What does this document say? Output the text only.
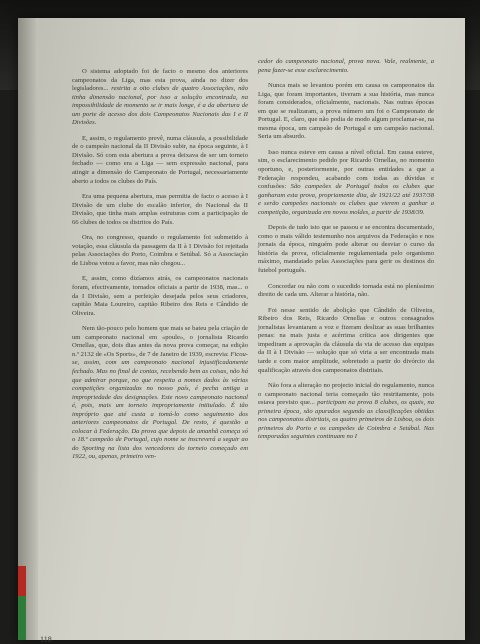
O sistema adoptado foi de facto o mesmo dos anteriores campeonatos da Liga, mas esta prova, ainda no dizer dos legisladores... restrita a oito clubes de quatro Associações, não tinha dimensão nacional, por isso a solução encontrada, na impossibilidade de momento se ir mais longe, é a da abertura de um porte de acesso dos dois Campeonatos Nacionais das I e II Divisões.

E, assim, o regulamento prevê, numa cláusula, a possibilidade de o campeão nacional da II Divisão subir, na época seguinte, à I Divisão. Só com esta abertura a prova deixava de ser um torneio fechado — como era a Liga — sem expressão nacional, para atingir a dimensão do Campeonato de Portugal, necessariamente aberto a todos os clubes do País.

Era uma pequena abertura, mas permitia de facto o acesso à I Divisão de um clube do escalão inferior, do Nacional da II Divisão, que tinha mais amplas estruturas com a participação de 66 clubes de todos os distritos do País.

Ora, no congresso, quando o regulamento foi submetido à votação, essa cláusula da passagem da II à I Divisão foi rejeitada pelas Associações do Porto, Coimbra e Setúbal. Só a Associação de Lisboa votou a favor, mas não chegou...

E, assim, como dizíamos atrás, os campeonatos nacionais foram, efectivamente, tornados oficiais a partir de 1938, mas... o da I Divisão, sem a perfeição desejada pelos seus criadores, capitão Maia Loureiro, capitão Ribeiro dos Reis e Cândido de Oliveira.

Nem tão-pouco pelo homem que mais se bateu pela criação de um campeonato nacional em «poule», o jornalista Ricardo Ornellas, que, dois dias antes da nova prova começar, na edição n.º 2132 de «Os Sports», de 7 de Janeiro de 1939, escrevia: Ficou-se, assim, com um campeonato nacional injustificadamente fechado. Mas no final de contas, recebendo bem as coisas, não há que admirar porque, no que respeita a nomes dados às várias competições organizadas no nosso país, é pecha antiga a impropriedade das designações. Este novo campeonato nacional é, pois, mais um torneio impropriamente intitulado. É tão impróprio que até custa a tomá-lo como seguimento dos anteriores campeonatos de Portugal. De resto, é questão a colocar à Federação. Da prova que depois de amanhã começa só o 18.º campeão de Portugal, cujo nome se inscreverá a seguir ao do Sporting na lista dos vencedores do torneio começado em 1922, ou, apenas, primeiro ven-

cedor do campeonato nacional, prova nova. Vale, realmente, a pena fazer-se esse esclarecimento.

Nunca mais se levantou porém em causa os campeonatos da Liga, que foram importantes, tiveram a sua história, mas nunca foram considerados, oficialmente, nacionais. Nas outras épocas em que se realizaram, a prova número um foi o Campeonato de Portugal. E, claro, que não podia de modo algum proclamar-se, na mesma época, um campeão de Portugal e um campeão nacional. Seria um absurdo.

Isso nunca esteve em causa a nível oficial. Em causa esteve, sim, o esclarecimento pedido por Ricardo Ornellas, no momento oportuno, e, posteriormente, por outras entidades a que a Federação respondeu, acabando com todas as dúvidas e confusões: São campeões de Portugal todos os clubes que ganharam esta prova, propriamente dita, de 1921/22 até 1937/38 e serão campeões nacionais os clubes que vierem a ganhar a competição, organizada em novos moldes, a partir de 1938/39.

Depois de tudo isto que se passou e se encontra documentado, como o mais válido testemunho nos arquivos da Federação e nos jornais da época, ninguém pode alterar ou desviar o curso da história da prova, oficialmente regulamentada pelo organismo máximo, mandatado pelas Associações para gerir os destinos do futebol português.

Concordar ou não com o sucedido tornada está no pleníssimo direito de cada um. Alterar a história, não.

Foi nesse sentido de abolição que Cândido de Oliveira, Ribeiro dos Reis, Ricardo Ornellas e outros consagrados jornalistas levantaram a voz e fizeram deslizar as suas brilhantes penas: na mais justa e acérrima crítica aos dirigentes que impediram a aprovação da cláusula da via de acesso das equipas da II à I Divisão — solução que só viria a ser encontrada mais tarde e com maior amplitude, sobretudo a partir do divórcio da qualificação através dos campeonatos distritais.

Não fora a alteração no projecto inicial do regulamento, nunca o campeonato nacional teria começado tão restritamente, pois estava previsto que... participam na prova 8 clubes, os quais, na primeira época, são apurados segundo as classificações obtidas nos campeonatos distritais, os quatro primeiros de Lisboa, os dois primeiros do Porto e os campeões de Coimbra e Setúbal. Nas temporadas seguintes continuam no I

118
